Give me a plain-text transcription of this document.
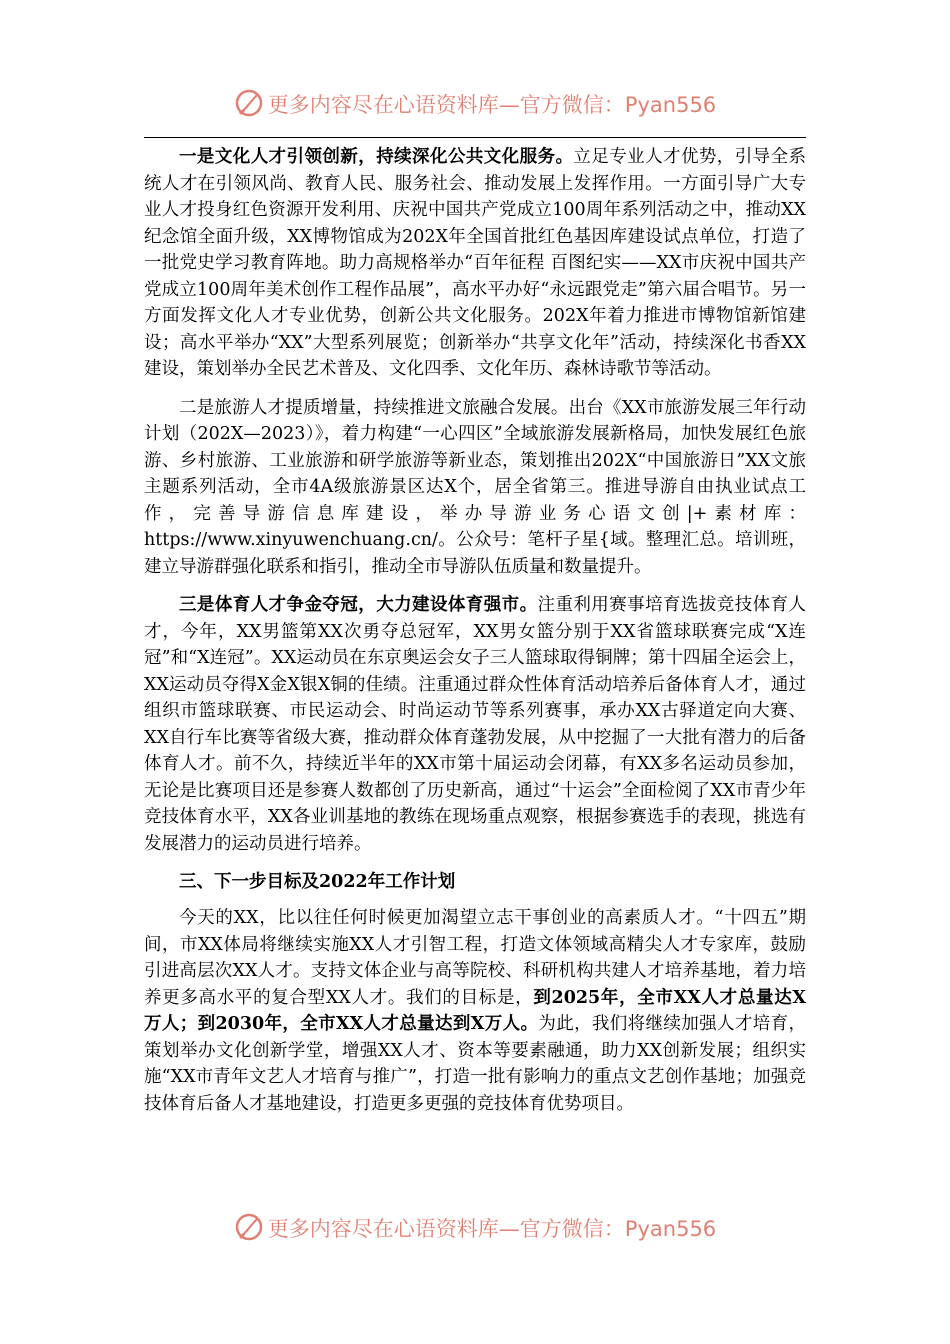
更多内容尽在心语资料库—官方微信：Pyan556

一是文化人才引领创新，持续深化公共文化服务。立足专业人才优势，引导全系统人才在引领风尚、教育人民、服务社会、推动发展上发挥作用。一方面引导广大专业人才投身红色资源开发利用、庆祝中国共产党成立100周年系列活动之中，推动XX纪念馆全面升级，XX博物馆成为202X年全国首批红色基因库建设试点单位，打造了一批党史学习教育阵地。助力高规格举办“百年征程 百图纪实——XX市庆祝中国共产党成立100周年美术创作工程作品展”，高水平办好“永远跟党走”第六届合唱节。另一方面发挥文化人才专业优势，创新公共文化服务。202X年着力推进市博物馆新馆建设；高水平举办“XX”大型系列展览；创新举办“共享文化年”活动，持续深化书香XX建设，策划举办全民艺术普及、文化四季、文化年历、森林诗歌节等活动。

二是旅游人才提质增量，持续推进文旅融合发展。出台《XX市旅游发展三年行动计划（202X—2023）》，着力构建“一心四区”全域旅游发展新格局，加快发展红色旅游、乡村旅游、工业旅游和研学旅游等新业态，策划推出202X“中国旅游日”XX文旅主题系列活动，全市4A级旅游景区达X个，居全省第三。推进导游自由执业试点工作，完善导游信息库建设，举办导游业务心语文创|+素材库：https://www.xinyuwenchuang.cn/。公众号：笔杆子星{域。整理汇总。培训班，建立导游群强化联系和指引，推动全市导游队伍质量和数量提升。

三是体育人才争金夺冠，大力建设体育强市。注重利用赛事培育选拔竞技体育人才，今年，XX男篮第XX次勇夺总冠军，XX男女篮分别于XX省篮球联赛完成“X连冠”和“X连冠”。XX运动员在东京奥运会女子三人篮球取得铜牌；第十四届全运会上，XX运动员夺得X金X银X铜的佳绩。注重通过群众性体育活动培养后备体育人才，通过组织市篮球联赛、市民运动会、时尚运动节等系列赛事，承办XX古驿道定向大赛、XX自行车比赛等省级大赛，推动群众体育蓬勃发展，从中挖掘了一大批有潜力的后备体育人才。前不久，持续近半年的XX市第十届运动会闭幕，有XX多名运动员参加，无论是比赛项目还是参赛人数都创了历史新高，通过“十运会”全面检阅了XX市青少年竞技体育水平，XX各业训基地的教练在现场重点观察，根据参赛选手的表现，挑选有发展潜力的运动员进行培养。

三、下一步目标及2022年工作计划

今天的XX，比以往任何时候更加渴望立志干事创业的高素质人才。“十四五”期间，市XX体局将继续实施XX人才引智工程，打造文体领域高精尖人才专家库，鼓励引进高层次XX人才。支持文体企业与高等院校、科研机构共建人才培养基地，着力培养更多高水平的复合型XX人才。我们的目标是，到2025年，全市XX人才总量达X 万人；到2030年，全市XX人才总量达到X万人。为此，我们将继续加强人才培育，策划举办文化创新学堂，增强XX人才、资本等要素融通，助力XX创新发展；组织实施“XX市青年文艺人才培育与推广”，打造一批有影响力的重点文艺创作基地；加强竞技体育后备人才基地建设，打造更多更强的竞技体育优势项目。

更多内容尽在心语资料库—官方微信：Pyan556
